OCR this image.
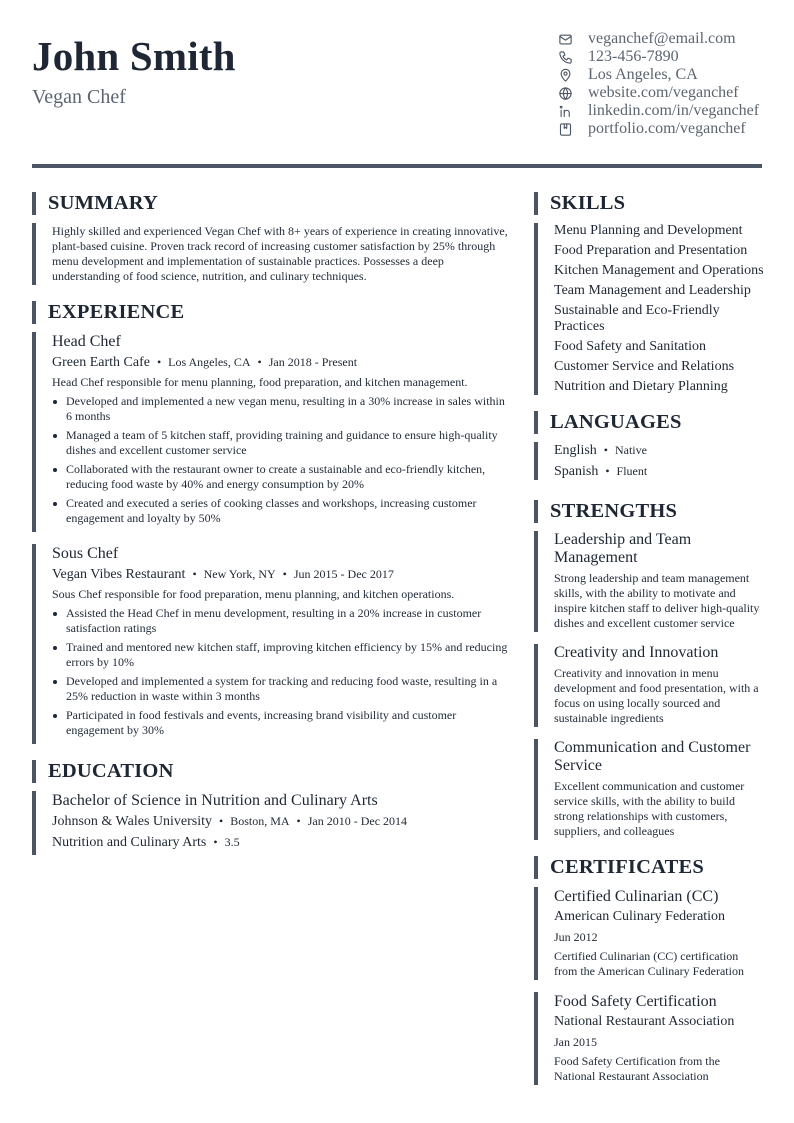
John Smith
Vegan Chef
veganchef@email.com
123-456-7890
Los Angeles, CA
website.com/veganchef
linkedin.com/in/veganchef
portfolio.com/veganchef
SUMMARY
Highly skilled and experienced Vegan Chef with 8+ years of experience in creating innovative, plant-based cuisine. Proven track record of increasing customer satisfaction by 25% through menu development and implementation of sustainable practices. Possesses a deep understanding of food science, nutrition, and culinary techniques.
EXPERIENCE
Head Chef
Green Earth Cafe • Los Angeles, CA • Jan 2018 - Present
Head Chef responsible for menu planning, food preparation, and kitchen management.
Developed and implemented a new vegan menu, resulting in a 30% increase in sales within 6 months
Managed a team of 5 kitchen staff, providing training and guidance to ensure high-quality dishes and excellent customer service
Collaborated with the restaurant owner to create a sustainable and eco-friendly kitchen, reducing food waste by 40% and energy consumption by 20%
Created and executed a series of cooking classes and workshops, increasing customer engagement and loyalty by 50%
Sous Chef
Vegan Vibes Restaurant • New York, NY • Jun 2015 - Dec 2017
Sous Chef responsible for food preparation, menu planning, and kitchen operations.
Assisted the Head Chef in menu development, resulting in a 20% increase in customer satisfaction ratings
Trained and mentored new kitchen staff, improving kitchen efficiency by 15% and reducing errors by 10%
Developed and implemented a system for tracking and reducing food waste, resulting in a 25% reduction in waste within 3 months
Participated in food festivals and events, increasing brand visibility and customer engagement by 30%
EDUCATION
Bachelor of Science in Nutrition and Culinary Arts
Johnson & Wales University • Boston, MA • Jan 2010 - Dec 2014
Nutrition and Culinary Arts • 3.5
SKILLS
Menu Planning and Development
Food Preparation and Presentation
Kitchen Management and Operations
Team Management and Leadership
Sustainable and Eco-Friendly Practices
Food Safety and Sanitation
Customer Service and Relations
Nutrition and Dietary Planning
LANGUAGES
English • Native
Spanish • Fluent
STRENGTHS
Leadership and Team Management
Strong leadership and team management skills, with the ability to motivate and inspire kitchen staff to deliver high-quality dishes and excellent customer service
Creativity and Innovation
Creativity and innovation in menu development and food presentation, with a focus on using locally sourced and sustainable ingredients
Communication and Customer Service
Excellent communication and customer service skills, with the ability to build strong relationships with customers, suppliers, and colleagues
CERTIFICATES
Certified Culinarian (CC)
American Culinary Federation
Jun 2012
Certified Culinarian (CC) certification from the American Culinary Federation
Food Safety Certification
National Restaurant Association
Jan 2015
Food Safety Certification from the National Restaurant Association
